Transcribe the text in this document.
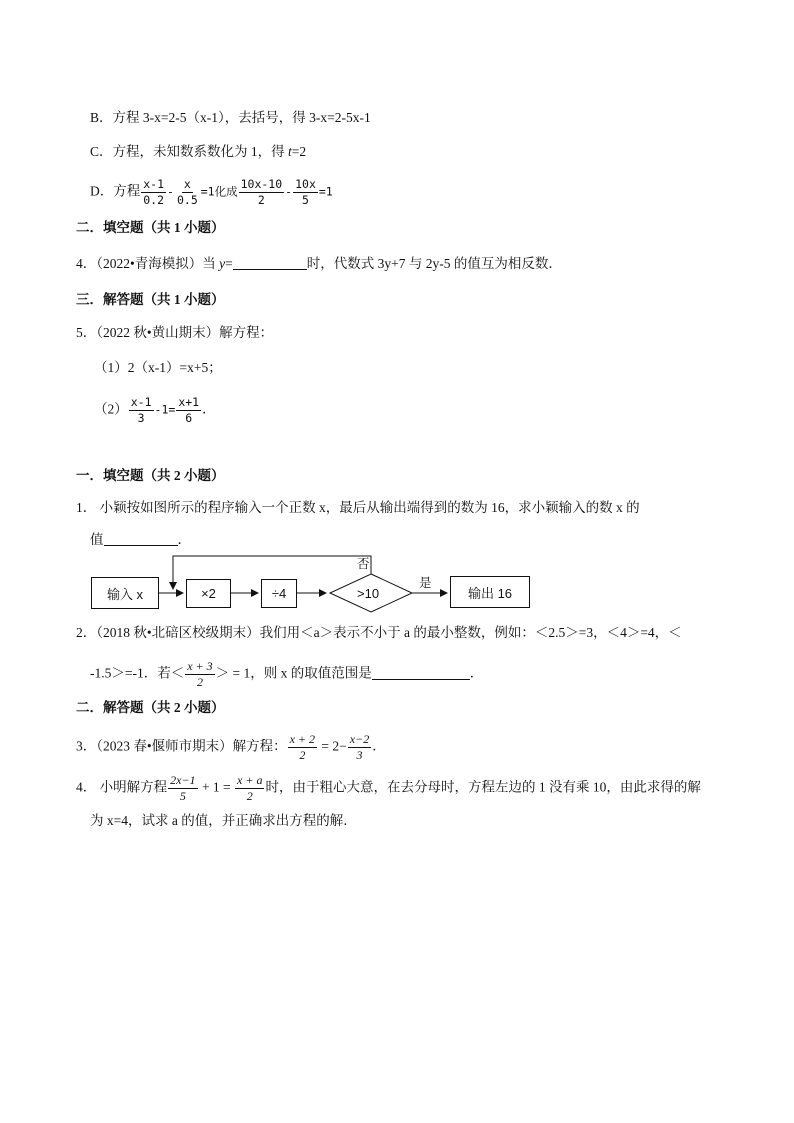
B．方程 3-x=2-5（x-1），去括号，得 3-x=2-5x-1
C．方程，未知数系数化为 1，得 t=2
D．方程 $\frac{x-1}{0.2} - \frac{x}{0.5} =1$化成 $\frac{10x-10}{2} - \frac{10x}{5} =1$
二．填空题（共 1 小题）
4．（2022•青海模拟）当 y=	时，代数式 3y+7 与 2y-5 的值互为相反数．
三．解答题（共 1 小题）
5．（2022 秋•黄山期末）解方程：
（1）2（x-1）=x+5；
$(2) \frac{x-1}{3} -1= \frac{x+1}{6}$ ．
一．填空题（共 2 小题）
1． 小颖按如图所示的程序输入一个正数 x，最后从输出端得到的数为 16，求小颖输入的数 x 的
值	．
输入 x	×2	÷4	>10	输出 16
否
是
2．（2018 秋•北碚区校级期末）我们用＜a＞表示不小于 a 的最小整数，例如：＜2.5＞=3，＜4＞=4，＜
-1.5＞=-1．若＜ $\frac{x + 3}{2}$ ＞ = 1，则 x 的取值范围是	．
二．解答题（共 2 小题）
3．（2023 春•偃师市期末）解方程： $\frac{x + 2}{2} = 2- \frac{x-2}{3}$ ．
4． 小明解方程 $\frac{2x-1}{5} + 1 = \frac{x + a}{2}$ 时，由于粗心大意，在去分母时，方程左边的 1 没有乘 10，由此求得的解
为 x=4，试求 a 的值，并正确求出方程的解．
